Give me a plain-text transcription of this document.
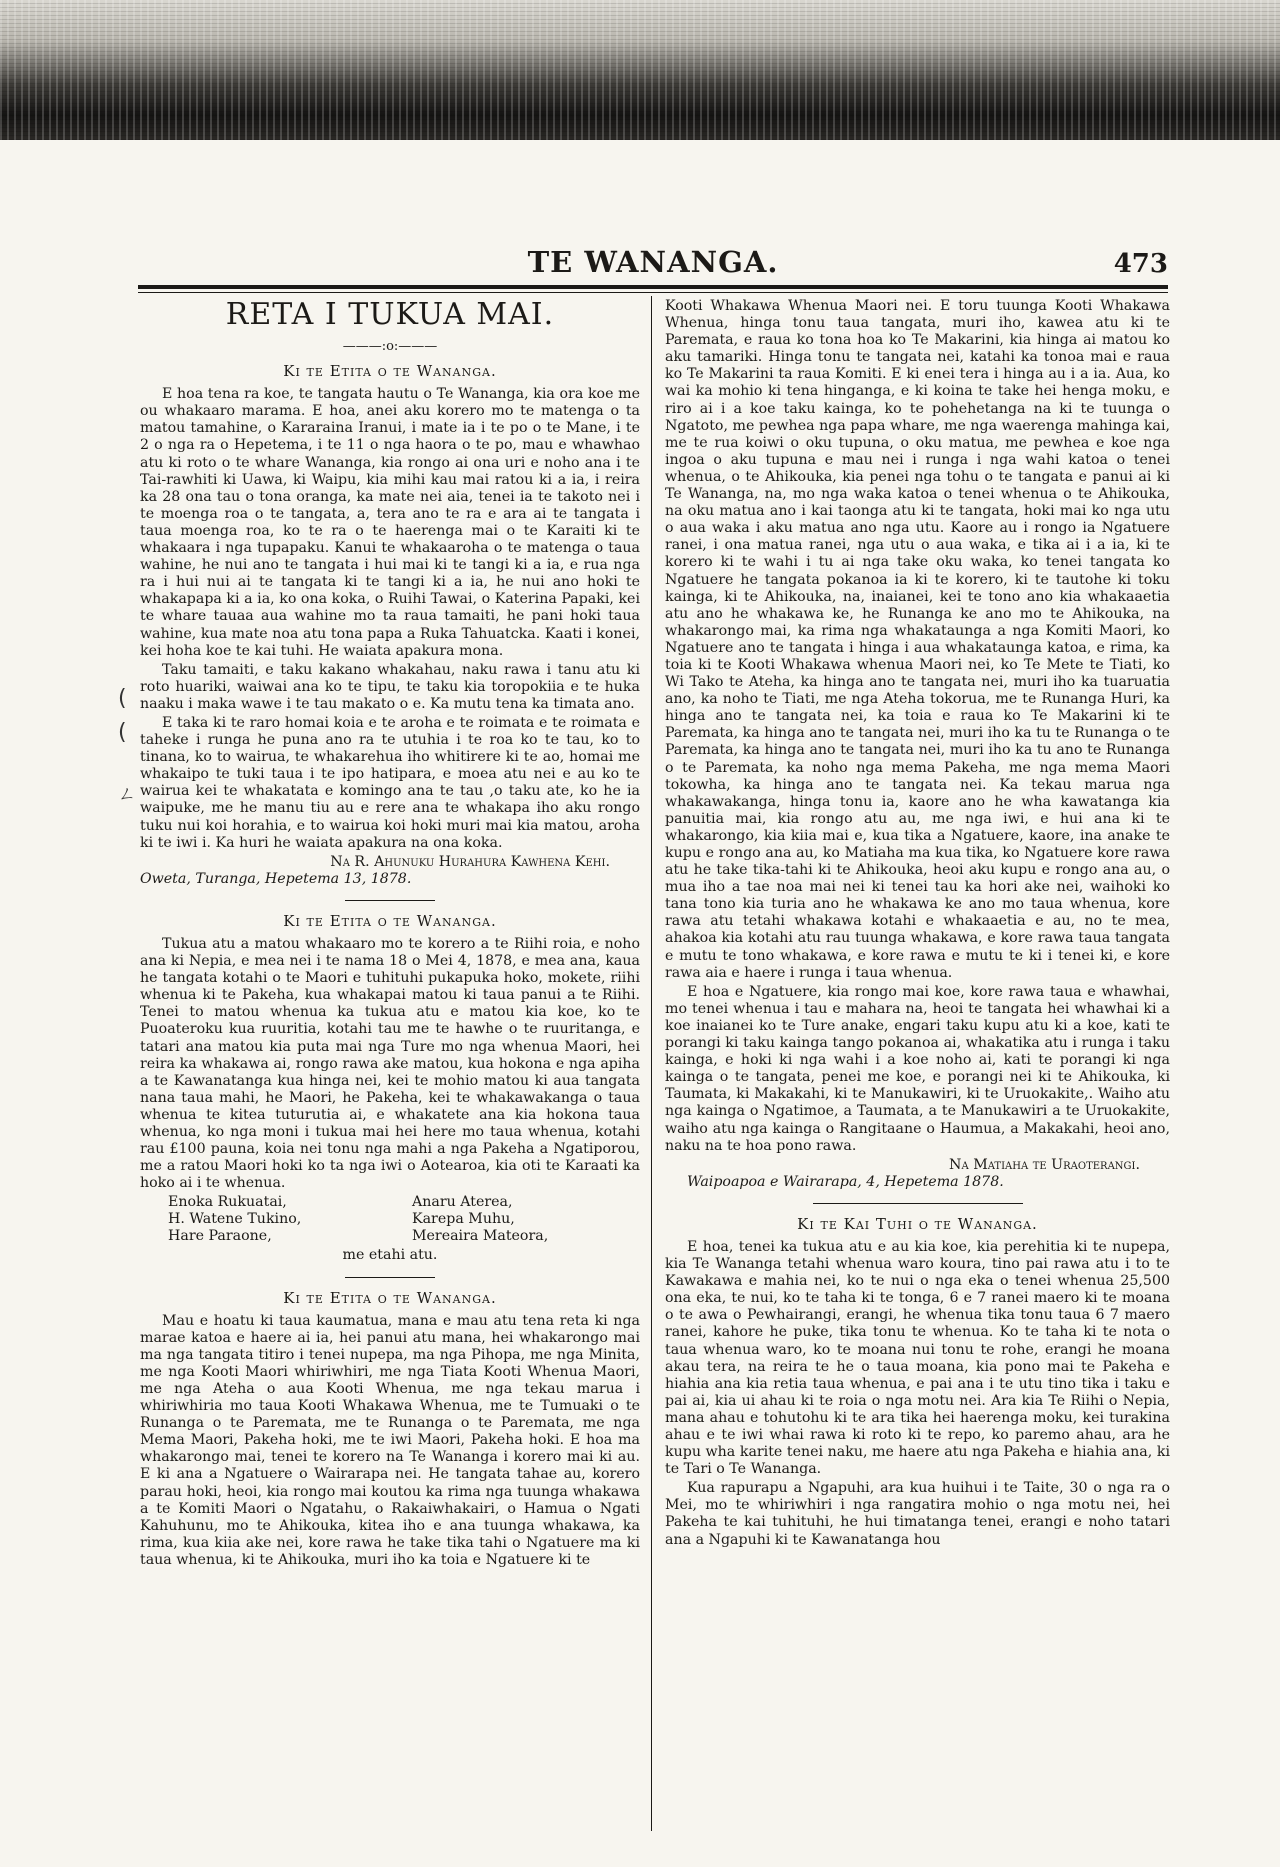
TE WANANGA.	473
(
(
ㄥ
RETA I TUKUA MAI.
———:o:———
Ki te Etita o te Wananga.

E hoa tena ra koe, te tangata hautu o Te Wananga, kia ora koe me ou whakaaro marama. E hoa, anei aku korero mo te matenga o ta matou tamahine, o Kararaina Iranui, i mate ia i te po o te Mane, i te 2 o nga ra o Hepetema, i te 11 o nga haora o te po, mau e whawhao atu ki roto o te whare Wananga, kia rongo ai ona uri e noho ana i te Tai-rawhiti ki Uawa, ki Waipu, kia mihi kau mai ratou ki a ia, i reira ka 28 ona tau o tona oranga, ka mate nei aia, tenei ia te takoto nei i te moenga roa o te tangata, a, tera ano te ra e ara ai te tangata i taua moenga roa, ko te ra o te haerenga mai o te Karaiti ki te whakaara i nga tupapaku. Kanui te whakaaroha o te matenga o taua wahine, he nui ano te tangata i hui mai ki te tangi ki a ia, e rua nga ra i hui nui ai te tangata ki te tangi ki a ia, he nui ano hoki te whakapapa ki a ia, ko ona koka, o Ruihi Tawai, o Katerina Papaki, kei te whare tauaa aua wahine mo ta raua tamaiti, he pani hoki taua wahine, kua mate noa atu tona papa a Ruka Tahuatcka. Kaati i konei, kei hoha koe te kai tuhi. He waiata apakura mona.

Taku tamaiti, e taku kakano whakahau, naku rawa i tanu atu ki roto huariki, waiwai ana ko te tipu, te taku kia toropokiia e te huka naaku i maka wawe i te tau makato o e. Ka mutu tena ka timata ano.

E taka ki te raro homai koia e te aroha e te roimata e te roimata e taheke i runga he puna ano ra te utuhia i te roa ko te tau, ko to tinana, ko to wairua, te whakarehua iho whitirere ki te ao, homai me whakaipo te tuki taua i te ipo hatipara, e moea atu nei e au ko te wairua kei te whakatata e komingo ana te tau ,o taku ate, ko he ia waipuke, me he manu tiu au e rere ana te whakapa iho aku rongo tuku nui koi horahia, e to wairua koi hoki muri mai kia matou, aroha ki te iwi i. Ka huri he waiata apakura na ona koka.

Na R. Ahunuku Hurahura Kawhena Kehi.
Oweta, Turanga, Hepetema 13, 1878.
Ki te Etita o te Wananga.

Tukua atu a matou whakaaro mo te korero a te Riihi roia, e noho ana ki Nepia, e mea nei i te nama 18 o Mei 4, 1878, e mea ana, kaua he tangata kotahi o te Maori e tuhituhi pukapuka hoko, mokete, riihi whenua ki te Pakeha, kua whakapai matou ki taua panui a te Riihi. Tenei to matou whenua ka tukua atu e matou kia koe, ko te Puoateroku kua ruuritia, kotahi tau me te hawhe o te ruuritanga, e tatari ana matou kia puta mai nga Ture mo nga whenua Maori, hei reira ka whakawa ai, rongo rawa ake matou, kua hokona e nga apiha a te Kawanatanga kua hinga nei, kei te mohio matou ki aua tangata nana taua mahi, he Maori, he Pakeha, kei te whakawakanga o taua whenua te kitea tuturutia ai, e whakatete ana kia hokona taua whenua, ko nga moni i tukua mai hei here mo taua whenua, kotahi rau £100 pauna, koia nei tonu nga mahi a nga Pakeha a Ngatiporou, me a ratou Maori hoki ko ta nga iwi o Aotearoa, kia oti te Karaati ka hoko ai i te whenua.

Enoka Rukuatai,	Anaru Aterea,
H. Watene Tukino,	Karepa Muhu,
Hare Paraone,	Mereaira Mateora,
me etahi atu.
Ki te Etita o te Wananga.

Mau e hoatu ki taua kaumatua, mana e mau atu tena reta ki nga marae katoa e haere ai ia, hei panui atu mana, hei whakarongo mai ma nga tangata titiro i tenei nupepa, ma nga Pihopa, me nga Minita, me nga Kooti Maori whiriwhiri, me nga Tiata Kooti Whenua Maori, me nga Ateha o aua Kooti Whenua, me nga tekau marua i whiriwhiria mo taua Kooti Whakawa Whenua, me te Tumuaki o te Runanga o te Paremata, me te Runanga o te Paremata, me nga Mema Maori, Pakeha hoki, me te iwi Maori, Pakeha hoki. E hoa ma whakarongo mai, tenei te korero na Te Wananga i korero mai ki au. E ki ana a Ngatuere o Wairarapa nei. He tangata tahae au, korero parau hoki, heoi, kia rongo mai koutou ka rima nga tuunga whakawa a te Komiti Maori o Ngatahu, o Rakaiwhakairi, o Hamua o Ngati Kahuhunu, mo te Ahikouka, kitea iho e ana tuunga whakawa, ka rima, kua kiia ake nei, kore rawa he take tika tahi o Ngatuere ma ki taua whenua, ki te Ahikouka, muri iho ka toia e Ngatuere ki te

Kooti Whakawa Whenua Maori nei. E toru tuunga Kooti Whakawa Whenua, hinga tonu taua tangata, muri iho, kawea atu ki te Paremata, e raua ko tona hoa ko Te Makarini, kia hinga ai matou ko aku tamariki. Hinga tonu te tangata nei, katahi ka tonoa mai e raua ko Te Makarini ta raua Komiti. E ki enei tera i hinga au i a ia. Aua, ko wai ka mohio ki tena hinganga, e ki koina te take hei henga moku, e riro ai i a koe taku kainga, ko te pohehetanga na ki te tuunga o Ngatoto, me pewhea nga papa whare, me nga waerenga mahinga kai, me te rua koiwi o oku tupuna, o oku matua, me pewhea e koe nga ingoa o aku tupuna e mau nei i runga i nga wahi katoa o tenei whenua, o te Ahikouka, kia penei nga tohu o te tangata e panui ai ki Te Wananga, na, mo nga waka katoa o tenei whenua o te Ahikouka, na oku matua ano i kai taonga atu ki te tangata, hoki mai ko nga utu o aua waka i aku matua ano nga utu. Kaore au i rongo ia Ngatuere ranei, i ona matua ranei, nga utu o aua waka, e tika ai i a ia, ki te korero ki te wahi i tu ai nga take oku waka, ko tenei tangata ko Ngatuere he tangata pokanoa ia ki te korero, ki te tautohe ki toku kainga, ki te Ahikouka, na, inaianei, kei te tono ano kia whakaaetia atu ano he whakawa ke, he Runanga ke ano mo te Ahikouka, na whakarongo mai, ka rima nga whakataunga a nga Komiti Maori, ko Ngatuere ano te tangata i hinga i aua whakataunga katoa, e rima, ka toia ki te Kooti Whakawa whenua Maori nei, ko Te Mete te Tiati, ko Wi Tako te Ateha, ka hinga ano te tangata nei, muri iho ka tuaruatia ano, ka noho te Tiati, me nga Ateha tokorua, me te Runanga Huri, ka hinga ano te tangata nei, ka toia e raua ko Te Makarini ki te Paremata, ka hinga ano te tangata nei, muri iho ka tu te Runanga o te Paremata, ka hinga ano te tangata nei, muri iho ka tu ano te Runanga o te Paremata, ka noho nga mema Pakeha, me nga mema Maori tokowha, ka hinga ano te tangata nei. Ka tekau marua nga whakawakanga, hinga tonu ia, kaore ano he wha kawatanga kia panuitia mai, kia rongo atu au, me nga iwi, e hui ana ki te whakarongo, kia kiia mai e, kua tika a Ngatuere, kaore, ina anake te kupu e rongo ana au, ko Matiaha ma kua tika, ko Ngatuere kore rawa atu he take tika-tahi ki te Ahikouka, heoi aku kupu e rongo ana au, o mua iho a tae noa mai nei ki tenei tau ka hori ake nei, waihoki ko tana tono kia turia ano he whakawa ke ano mo taua whenua, kore rawa atu tetahi whakawa kotahi e whakaaetia e au, no te mea, ahakoa kia kotahi atu rau tuunga whakawa, e kore rawa taua tangata e mutu te tono whakawa, e kore rawa e mutu te ki i tenei ki, e kore rawa aia e haere i runga i taua whenua.

E hoa e Ngatuere, kia rongo mai koe, kore rawa taua e whawhai, mo tenei whenua i tau e mahara na, heoi te tangata hei whawhai ki a koe inaianei ko te Ture anake, engari taku kupu atu ki a koe, kati te porangi ki taku kainga tango pokanoa ai, whakatika atu i runga i taku kainga, e hoki ki nga wahi i a koe noho ai, kati te porangi ki nga kainga o te tangata, penei me koe, e porangi nei ki te Ahikouka, ki Taumata, ki Makakahi, ki te Manukawiri, ki te Uruokakite,. Waiho atu nga kainga o Ngatimoe, a Taumata, a te Manukawiri a te Uruokakite, waiho atu nga kainga o Rangitaane o Haumua, a Makakahi, heoi ano, naku na te hoa pono rawa.

Na Matiaha te Uraoterangi.
Waipoapoa e Wairarapa, 4, Hepetema 1878.
Ki te Kai Tuhi o te Wananga.

E hoa, tenei ka tukua atu e au kia koe, kia perehitia ki te nupepa, kia Te Wananga tetahi whenua waro koura, tino pai rawa atu i to te Kawakawa e mahia nei, ko te nui o nga eka o tenei whenua 25,500 ona eka, te nui, ko te taha ki te tonga, 6 e 7 ranei maero ki te moana o te awa o Pewhairangi, erangi, he whenua tika tonu taua 6 7 maero ranei, kahore he puke, tika tonu te whenua. Ko te taha ki te nota o taua whenua waro, ko te moana nui tonu te rohe, erangi he moana akau tera, na reira te he o taua moana, kia pono mai te Pakeha e hiahia ana kia retia taua whenua, e pai ana i te utu tino tika i taku e pai ai, kia ui ahau ki te roia o nga motu nei. Ara kia Te Riihi o Nepia, mana ahau e tohutohu ki te ara tika hei haerenga moku, kei turakina ahau e te iwi whai rawa ki roto ki te repo, ko paremo ahau, ara he kupu wha karite tenei naku, me haere atu nga Pakeha e hiahia ana, ki te Tari o Te Wananga.

Kua rapurapu a Ngapuhi, ara kua huihui i te Taite, 30 o nga ra o Mei, mo te whiriwhiri i nga rangatira mohio o nga motu nei, hei Pakeha te kai tuhituhi, he hui timatanga tenei, erangi e noho tatari ana a Ngapuhi ki te Kawanatanga hou
